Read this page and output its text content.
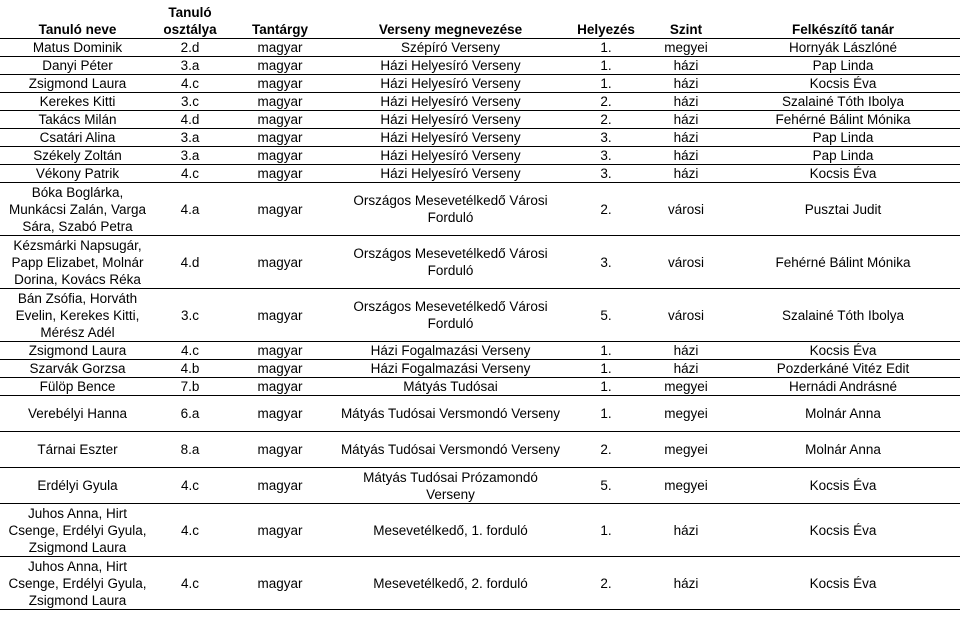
Tanuló neve	Tanuló osztálya	Tantárgy	Verseny megnevezése	Helyezés	Szint	Felkészítő tanár
Matus Dominik	2.d	magyar	Szépíró Verseny	1.	megyei	Hornyák Lászlóné
Danyi Péter	3.a	magyar	Házi Helyesíró Verseny	1.	házi	Pap Linda
Zsigmond Laura	4.c	magyar	Házi Helyesíró Verseny	1.	házi	Kocsis Éva
Kerekes Kitti	3.c	magyar	Házi Helyesíró Verseny	2.	házi	Szalainé Tóth Ibolya
Takács Milán	4.d	magyar	Házi Helyesíró Verseny	2.	házi	Fehérné Bálint Mónika
Csatári Alina	3.a	magyar	Házi Helyesíró Verseny	3.	házi	Pap Linda
Székely Zoltán	3.a	magyar	Házi Helyesíró Verseny	3.	házi	Pap Linda
Vékony Patrik	4.c	magyar	Házi Helyesíró Verseny	3.	házi	Kocsis Éva
Bóka Boglárka, Munkácsi Zalán, Varga Sára, Szabó Petra	4.a	magyar	Országos Mesevetélkedő Városi Forduló	2.	városi	Pusztai Judit
Kézsmárki Napsugár, Papp Elizabet, Molnár Dorina, Kovács Réka	4.d	magyar	Országos Mesevetélkedő Városi Forduló	3.	városi	Fehérné Bálint Mónika
Bán Zsófia, Horváth Evelin, Kerekes Kitti, Mérész Adél	3.c	magyar	Országos Mesevetélkedő Városi Forduló	5.	városi	Szalainé Tóth Ibolya
Zsigmond Laura	4.c	magyar	Házi Fogalmazási Verseny	1.	házi	Kocsis Éva
Szarvák Gorzsa	4.b	magyar	Házi Fogalmazási Verseny	1.	házi	Pozderkáné Vitéz Edit
Fülöp Bence	7.b	magyar	Mátyás Tudósai	1.	megyei	Hernádi Andrásné
Verebélyi Hanna	6.a	magyar	Mátyás Tudósai Versmondó Verseny	1.	megyei	Molnár Anna
Tárnai Eszter	8.a	magyar	Mátyás Tudósai Versmondó Verseny	2.	megyei	Molnár Anna
Erdélyi Gyula	4.c	magyar	Mátyás Tudósai Prózamondó Verseny	5.	megyei	Kocsis Éva
Juhos Anna, Hirt Csenge, Erdélyi Gyula, Zsigmond Laura	4.c	magyar	Mesevetélkedő, 1. forduló	1.	házi	Kocsis Éva
Juhos Anna, Hirt Csenge, Erdélyi Gyula, Zsigmond Laura	4.c	magyar	Mesevetélkedő, 2. forduló	2.	házi	Kocsis Éva
